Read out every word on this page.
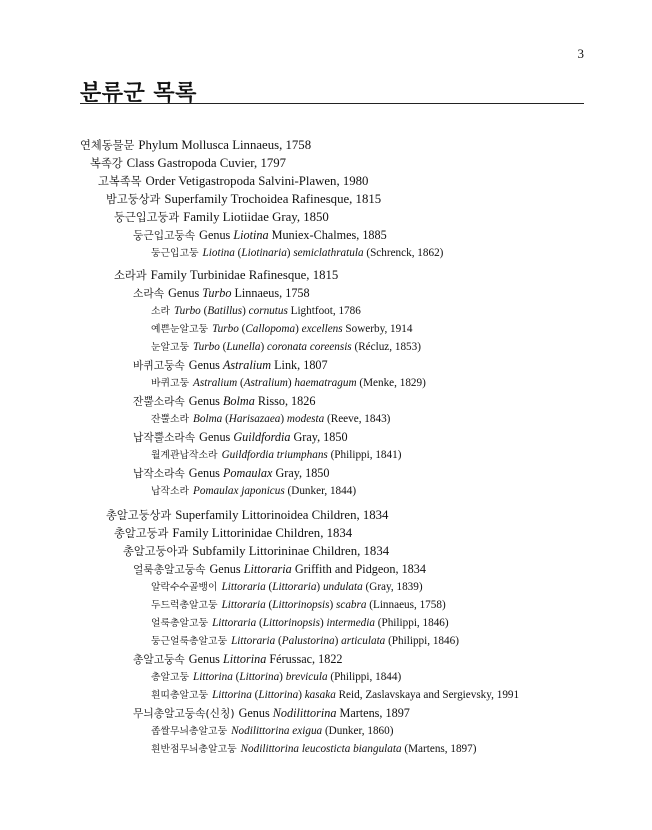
3
분류군 목록
연체동물문 Phylum Mollusca Linnaeus, 1758
복족강 Class Gastropoda Cuvier, 1797
고복족목 Order Vetigastropoda Salvini-Plawen, 1980
밤고둥상과 Superfamily Trochoidea Rafinesque, 1815
둥근입고둥과 Family Liotiidae Gray, 1850
둥근입고둥속 Genus Liotina Muniex-Chalmes, 1885
둥근입고둥 Liotina (Liotinaria) semiclathratula (Schrenck, 1862)
소라과 Family Turbinidae Rafinesque, 1815
소라속 Genus Turbo Linnaeus, 1758
소라 Turbo (Batillus) cornutus Lightfoot, 1786
예쁜눈알고둥 Turbo (Callopoma) excellens Sowerby, 1914
눈알고둥 Turbo (Lunella) coronata coreensis (Récluz, 1853)
바퀴고둥속 Genus Astralium Link, 1807
바퀴고둥 Astralium (Astralium) haematragum (Menke, 1829)
잔뿔소라속 Genus Bolma Risso, 1826
잔뿔소라 Bolma (Harisazaea) modesta (Reeve, 1843)
납작뿔소라속 Genus Guildfordia Gray, 1850
월계관납작소라 Guildfordia triumphans (Philippi, 1841)
납작소라속 Genus Pomaulax Gray, 1850
납작소라 Pomaulax japonicus (Dunker, 1844)
총알고둥상과 Superfamily Littorinoidea Children, 1834
총알고둥과 Family Littorinidae Children, 1834
총알고둥아과 Subfamily Littorininae Children, 1834
얼룩총알고둥속 Genus Littoraria Griffith and Pidgeon, 1834
알락수수골뱅이 Littoraria (Littoraria) undulata (Gray, 1839)
두드럭총알고둥 Littoraria (Littorinopsis) scabra (Linnaeus, 1758)
얼룩총알고둥 Littoraria (Littorinopsis) intermedia (Philippi, 1846)
둥근얼룩총알고둥 Littoraria (Palustorina) articulata (Philippi, 1846)
총알고둥속 Genus Littorina Férussac, 1822
총알고둥 Littorina (Littorina) brevicula (Philippi, 1844)
흰띠총알고둥 Littorina (Littorina) kasaka Reid, Zaslavskaya and Sergievsky, 1991
무늬총알고둥속(신칭) Genus Nodilittorina Martens, 1897
좁쌀무늬총알고둥 Nodilittorina exigua (Dunker, 1860)
흰반점무늬총알고둥 Nodilittorina leucosticta biangulata (Martens, 1897)
